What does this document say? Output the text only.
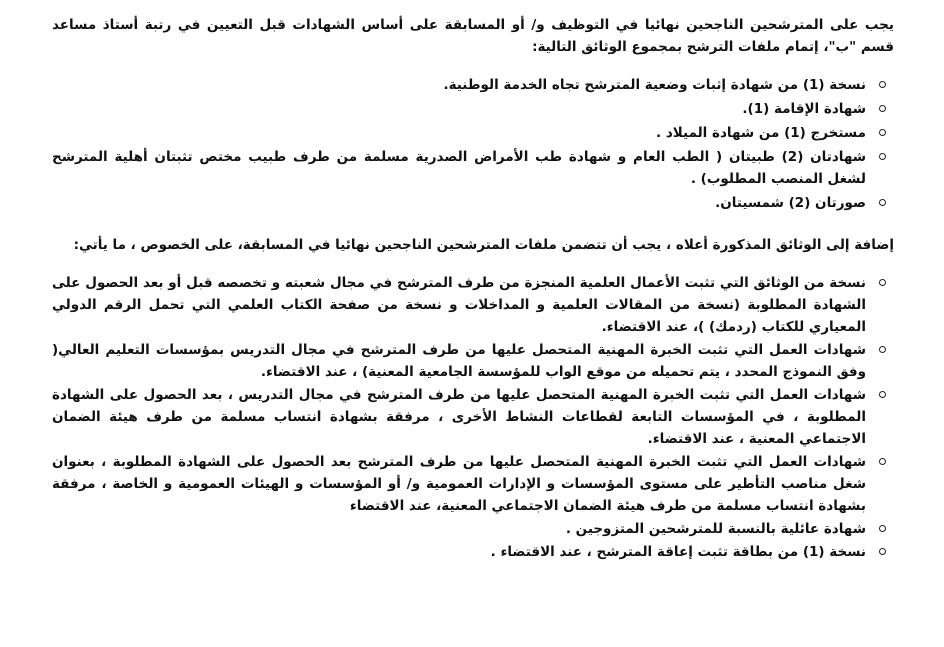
يجب على المترشحين الناجحين نهائيا في التوظيف و/ أو المسابقة على أساس الشهادات قبل التعيين في رتبة أستاذ مساعد قسم "ب"، إتمام ملفات الترشح بمجموع الوثائق التالية:

نسخة (1) من شهادة إثبات وضعية المترشح تجاه الخدمة الوطنية.
شهادة الإقامة (1).
مستخرج (1) من شهادة الميلاد .
شهادتان (2) طبيتان ( الطب العام و شهادة طب الأمراض الصدرية مسلمة من طرف طبيب مختص تثبتان أهلية المترشح لشغل المنصب المطلوب) .
صورتان (2) شمسيتان.

إضافة إلى الوثائق المذكورة أعلاه ، يجب أن تتضمن ملفات المترشحين الناجحين نهائيا في المسابقة، على الخصوص ، ما يأتي:

نسخة من الوثائق التي تثبت الأعمال العلمية المنجزة من طرف المترشح في مجال شعبته و تخصصه قبل أو بعد الحصول على الشهادة المطلوبة (نسخة من المقالات العلمية و المداخلات و نسخة من صفحة الكتاب العلمي التي تحمل الرقم الدولي المعياري للكتاب (ردمك) )، عند الاقتضاء.
شهادات العمل التي تثبت الخبرة المهنية المتحصل عليها من طرف المترشح في مجال التدريس بمؤسسات التعليم العالي( وفق النموذج المحدد ، يتم تحميله من موقع الواب للمؤسسة الجامعية المعنية) ، عند الاقتضاء.
شهادات العمل التي تثبت الخبرة المهنية المتحصل عليها من طرف المترشح في مجال التدريس ، بعد الحصول على الشهادة المطلوبة ، في المؤسسات التابعة لقطاعات النشاط الأخرى ، مرفقة بشهادة انتساب مسلمة من طرف هيئة الضمان الاجتماعي المعنية ، عند الاقتضاء.
شهادات العمل التي تثبت الخبرة المهنية المتحصل عليها من طرف المترشح بعد الحصول على الشهادة المطلوبة ، بعنوان شغل مناصب التأطير على مستوى المؤسسات و الإدارات العمومية و/ أو المؤسسات و الهيئات العمومية و الخاصة ، مرفقة بشهادة انتساب مسلمة من طرف هيئة الضمان الاجتماعي المعنية، عند الاقتضاء
شهادة عائلية بالنسبة للمترشحين المتزوجين .
نسخة (1) من بطاقة تثبت إعاقة المترشح ، عند الاقتضاء .
